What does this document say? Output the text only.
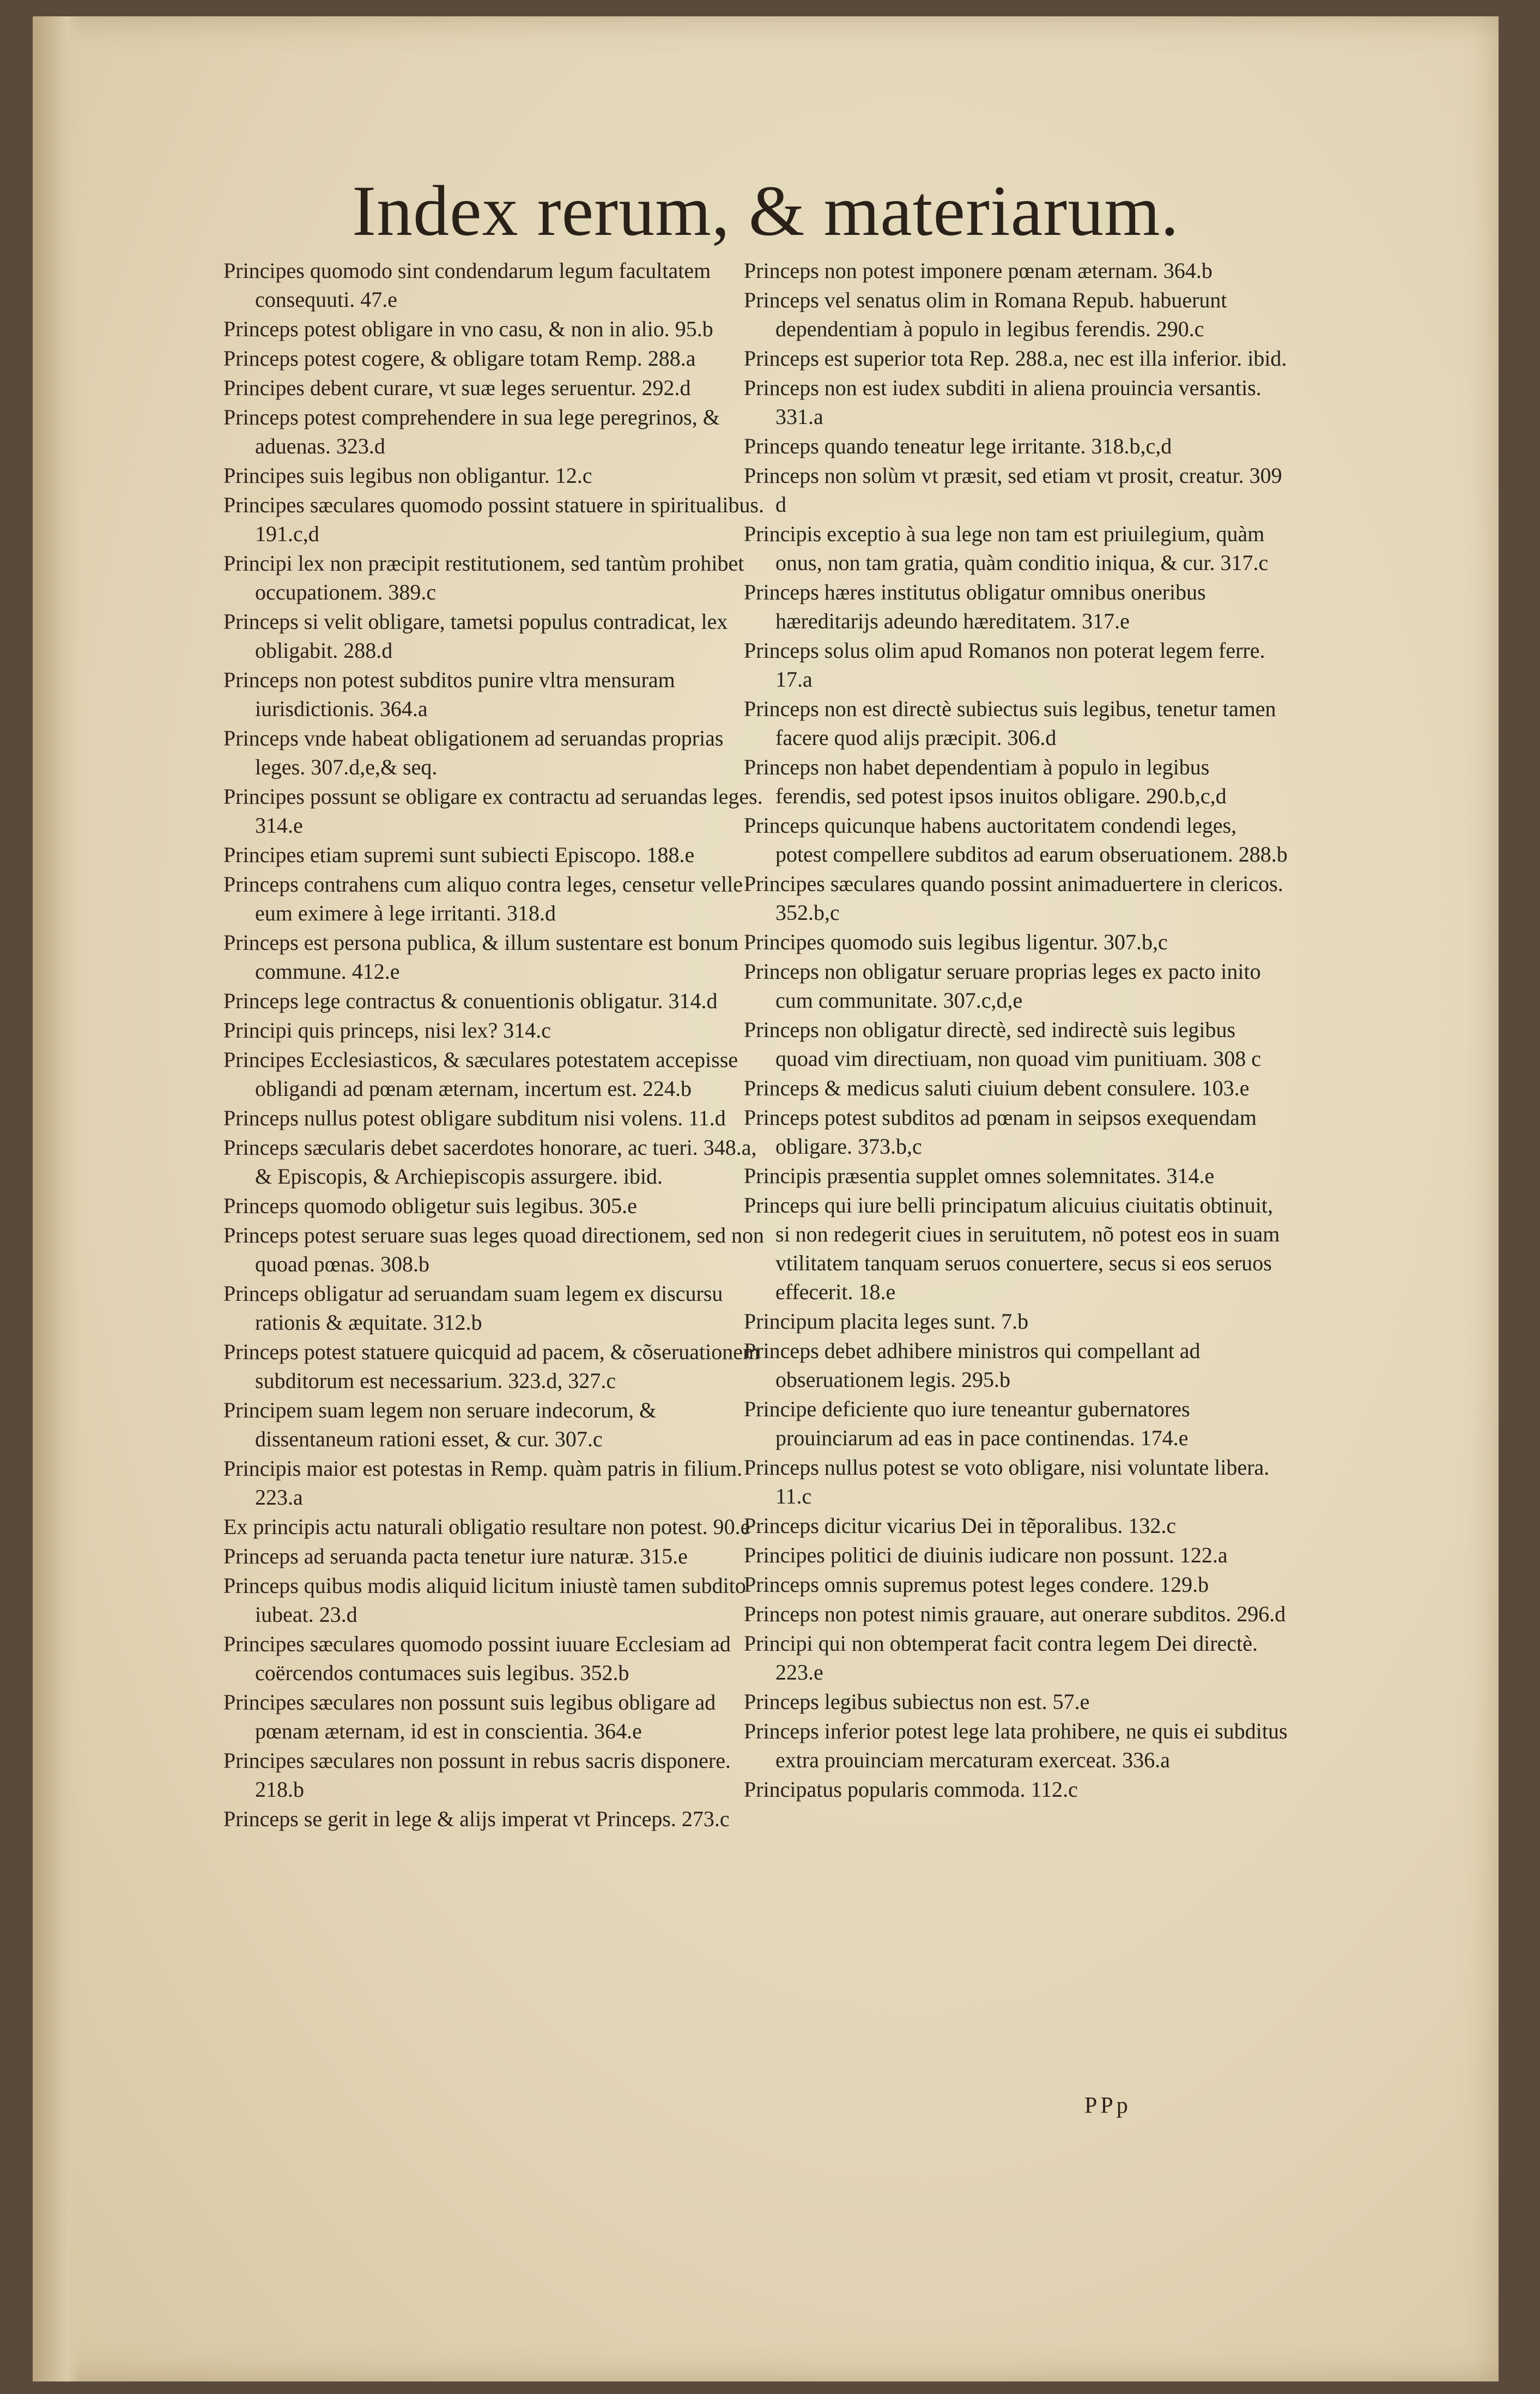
Index rerum, & materiarum.
Principes quomodo sint condendarum legum facultatem consequuti. 47.e
Princeps potest obligare in vno casu, & non in alio. 95.b
Princeps potest cogere, & obligare totam Remp. 288.a
Principes debent curare, vt suæ leges seruentur. 292.d
Princeps potest comprehendere in sua lege peregrinos, & aduenas. 323.d
Principes suis legibus non obligantur. 12.c
Principes sæculares quomodo possint statuere in spiritualibus. 191.c,d
Principi lex non præcipit restitutionem, sed tantùm prohibet occupationem. 389.c
Princeps si velit obligare, tametsi populus contradicat, lex obligabit. 288.d
Princeps non potest subditos punire vltra mensuram iurisdictionis. 364.a
Princeps vnde habeat obligationem ad seruandas proprias leges. 307.d,e,& seq.
Principes possunt se obligare ex contractu ad seruandas leges. 314.e
Principes etiam supremi sunt subiecti Episcopo. 188.e
Princeps contrahens cum aliquo contra leges, censetur velle eum eximere à lege irritanti. 318.d
Princeps est persona publica, & illum sustentare est bonum commune. 412.e
Princeps lege contractus & conuentionis obligatur. 314.d
Principi quis princeps, nisi lex? 314.c
Principes Ecclesiasticos, & sæculares potestatem accepisse obligandi ad pœnam æternam, incertum est. 224.b
Princeps nullus potest obligare subditum nisi volens. 11.d
Princeps sæcularis debet sacerdotes honorare, ac tueri. 348.a, & Episcopis, & Archiepiscopis assurgere. ibid.
Princeps quomodo obligetur suis legibus. 305.e
Princeps potest seruare suas leges quoad directionem, sed non quoad pœnas. 308.b
Princeps obligatur ad seruandam suam legem ex discursu rationis & æquitate. 312.b
Princeps potest statuere quicquid ad pacem, & cõseruationem subditorum est necessarium. 323.d, 327.c
Principem suam legem non seruare indecorum, & dissentaneum rationi esset, & cur. 307.c
Principis maior est potestas in Remp. quàm patris in filium. 223.a
Ex principis actu naturali obligatio resultare non potest. 90.e
Princeps ad seruanda pacta tenetur iure naturæ. 315.e
Princeps quibus modis aliquid licitum iniustè tamen subdito iubeat. 23.d
Principes sæculares quomodo possint iuuare Ecclesiam ad coërcendos contumaces suis legibus. 352.b
Principes sæculares non possunt suis legibus obligare ad pœnam æternam, id est in conscientia. 364.e
Principes sæculares non possunt in rebus sacris disponere. 218.b
Princeps se gerit in lege & alijs imperat vt Princeps. 273.c
Princeps non potest imponere pœnam æternam. 364.b
Princeps vel senatus olim in Romana Repub. habuerunt dependentiam à populo in legibus ferendis. 290.c
Princeps est superior tota Rep. 288.a, nec est illa inferior. ibid.
Princeps non est iudex subditi in aliena prouincia versantis. 331.a
Princeps quando teneatur lege irritante. 318.b,c,d
Princeps non solùm vt præsit, sed etiam vt prosit, creatur. 309 d
Principis exceptio à sua lege non tam est priuilegium, quàm onus, non tam gratia, quàm conditio iniqua, & cur. 317.c
Princeps hæres institutus obligatur omnibus oneribus hæreditarijs adeundo hæreditatem. 317.e
Princeps solus olim apud Romanos non poterat legem ferre. 17.a
Princeps non est directè subiectus suis legibus, tenetur tamen facere quod alijs præcipit. 306.d
Princeps non habet dependentiam à populo in legibus ferendis, sed potest ipsos inuitos obligare. 290.b,c,d
Princeps quicunque habens auctoritatem condendi leges, potest compellere subditos ad earum obseruationem. 288.b
Principes sæculares quando possint animaduertere in clericos. 352.b,c
Principes quomodo suis legibus ligentur. 307.b,c
Princeps non obligatur seruare proprias leges ex pacto inito cum communitate. 307.c,d,e
Princeps non obligatur directè, sed indirectè suis legibus quoad vim directiuam, non quoad vim punitiuam. 308 c
Princeps & medicus saluti ciuium debent consulere. 103.e
Princeps potest subditos ad pœnam in seipsos exequendam obligare. 373.b,c
Principis præsentia supplet omnes solemnitates. 314.e
Princeps qui iure belli principatum alicuius ciuitatis obtinuit, si non redegerit ciues in seruitutem, nõ potest eos in suam vtilitatem tanquam seruos conuertere, secus si eos seruos effecerit. 18.e
Principum placita leges sunt. 7.b
Princeps debet adhibere ministros qui compellant ad obseruationem legis. 295.b
Principe deficiente quo iure teneantur gubernatores prouinciarum ad eas in pace continendas. 174.e
Princeps nullus potest se voto obligare, nisi voluntate libera. 11.c
Princeps dicitur vicarius Dei in tẽporalibus. 132.c
Principes politici de diuinis iudicare non possunt. 122.a
Princeps omnis supremus potest leges condere. 129.b
Princeps non potest nimis grauare, aut onerare subditos. 296.d
Principi qui non obtemperat facit contra legem Dei directè. 223.e
Princeps legibus subiectus non est. 57.e
Princeps inferior potest lege lata prohibere, ne quis ei subditus extra prouinciam mercaturam exerceat. 336.a
Principatus popularis commoda. 112.c
PPp
